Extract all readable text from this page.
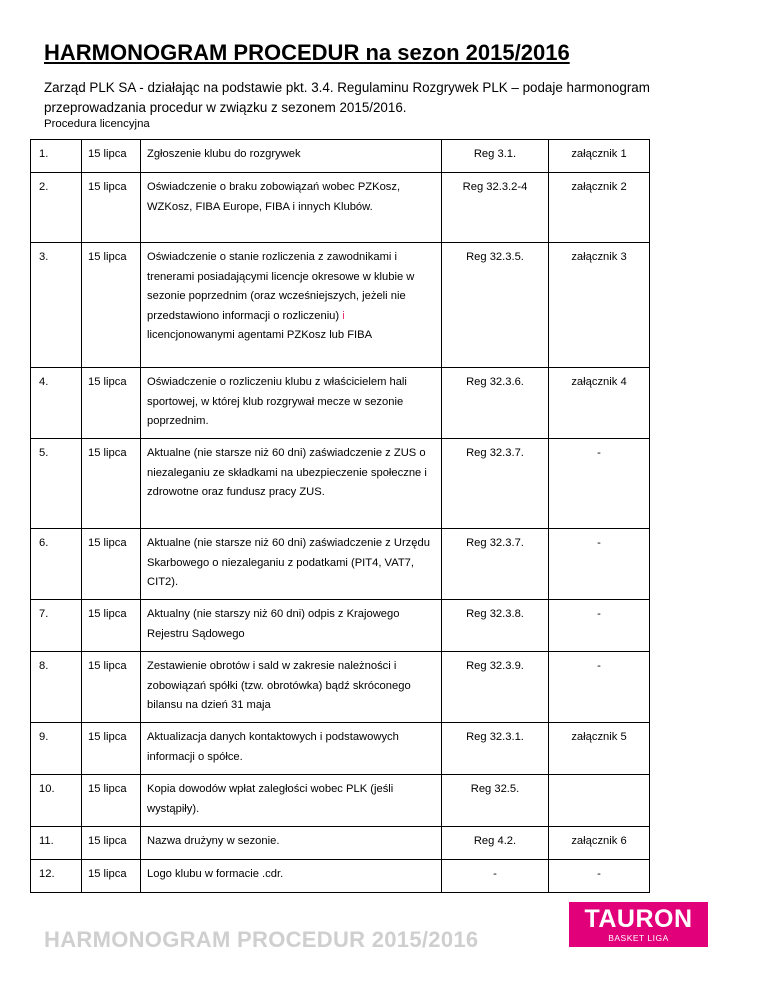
HARMONOGRAM PROCEDUR na sezon 2015/2016

Zarząd PLK SA - działając na podstawie pkt. 3.4. Regulaminu Rozgrywek PLK – podaje harmonogram przeprowadzania procedur w związku z sezonem 2015/2016.

Procedura licencyjna

1.	15 lipca	Zgłoszenie klubu do rozgrywek	Reg 3.1.	załącznik 1
2.	15 lipca	Oświadczenie o braku zobowiązań wobec PZKosz, WZKosz, FIBA Europe, FIBA i innych Klubów.	Reg 32.3.2-4	załącznik 2
3.	15 lipca	Oświadczenie o stanie rozliczenia z zawodnikami i trenerami posiadającymi licencje okresowe w klubie w sezonie poprzednim (oraz wcześniejszych, jeżeli nie przedstawiono informacji o rozliczeniu) i licencjonowanymi agentami PZKosz lub FIBA	Reg 32.3.5.	załącznik 3
4.	15 lipca	Oświadczenie o rozliczeniu klubu z właścicielem hali sportowej, w której klub rozgrywał mecze w sezonie poprzednim.	Reg 32.3.6.	załącznik 4
5.	15 lipca	Aktualne (nie starsze niż 60 dni) zaświadczenie z ZUS o niezaleganiu ze składkami na ubezpieczenie społeczne i zdrowotne oraz fundusz pracy ZUS.	Reg 32.3.7.	-
6.	15 lipca	Aktualne (nie starsze niż 60 dni) zaświadczenie z Urzędu Skarbowego o niezaleganiu z podatkami (PIT4, VAT7, CIT2).	Reg 32.3.7.	-
7.	15 lipca	Aktualny (nie starszy niż 60 dni) odpis z Krajowego Rejestru Sądowego	Reg 32.3.8.	-
8.	15 lipca	Zestawienie obrotów i sald w zakresie należności i zobowiązań spółki (tzw. obrotówka) bądź skróconego bilansu na dzień 31 maja	Reg 32.3.9.	-
9.	15 lipca	Aktualizacja danych kontaktowych i podstawowych informacji o spółce.	Reg 32.3.1.	załącznik 5
10.	15 lipca	Kopia dowodów wpłat zaległości wobec PLK (jeśli wystąpiły).	Reg 32.5.	
11.	15 lipca	Nazwa drużyny w sezonie.	Reg 4.2.	załącznik 6
12.	15 lipca	Logo klubu w formacie .cdr.	-	-
HARMONOGRAM PROCEDUR 2015/2016
TAURON
BASKET LIGA
